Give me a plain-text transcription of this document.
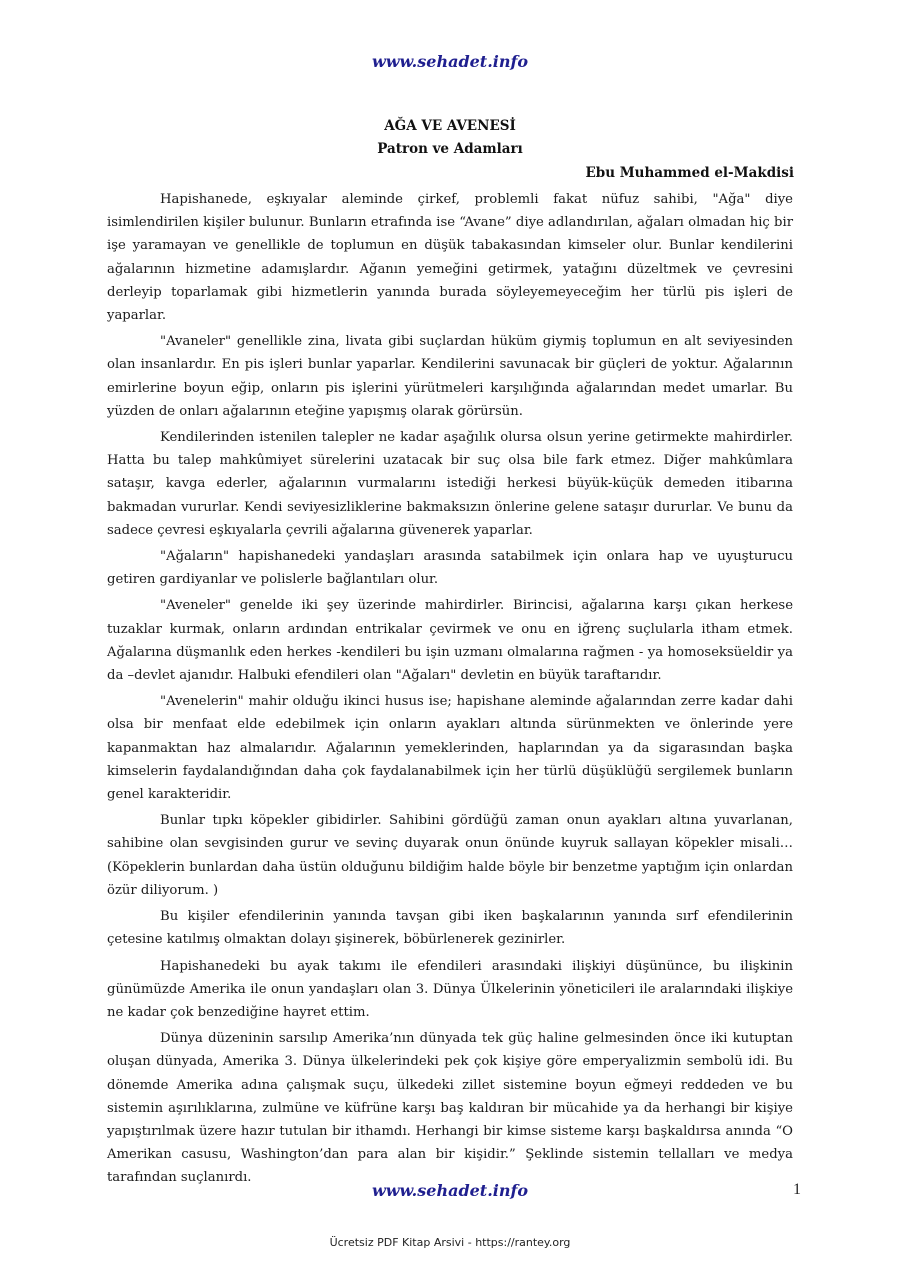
www.sehadet.info
AĞA VE AVENESİ
Patron ve Adamları
Ebu Muhammed el-Makdisi

Hapishanede, eşkıyalar aleminde çirkef, problemli fakat nüfuz sahibi, "Ağa" diye isimlendirilen kişiler bulunur. Bunların etrafında ise “Avane” diye adlandırılan, ağaları olmadan hiç bir işe yaramayan ve genellikle de toplumun en düşük tabakasından kimseler olur. Bunlar kendilerini ağalarının hizmetine adamışlardır. Ağanın yemeğini getirmek, yatağını düzeltmek ve çevresini derleyip toparlamak gibi hizmetlerin yanında burada söyleyemeyeceğim her türlü pis işleri de yaparlar.

"Avaneler" genellikle zina, livata gibi suçlardan hüküm giymiş toplumun en alt seviyesinden olan insanlardır. En pis işleri bunlar yaparlar. Kendilerini savunacak bir güçleri de yoktur. Ağalarının emirlerine boyun eğip, onların pis işlerini yürütmeleri karşılığında ağalarından medet umarlar. Bu yüzden de onları ağalarının eteğine yapışmış olarak görürsün.

Kendilerinden istenilen talepler ne kadar aşağılık olursa olsun yerine getirmekte mahirdirler. Hatta bu talep mahkûmiyet sürelerini uzatacak bir suç olsa bile fark etmez. Diğer mahkûmlara sataşır, kavga ederler, ağalarının vurmalarını istediği herkesi büyük-küçük demeden itibarına bakmadan vururlar. Kendi seviyesizliklerine bakmaksızın önlerine gelene sataşır dururlar. Ve bunu da sadece çevresi eşkıyalarla çevrili ağalarına güvenerek yaparlar.

"Ağaların" hapishanedeki yandaşları arasında satabilmek için onlara hap ve uyuşturucu getiren gardiyanlar ve polislerle bağlantıları olur.

"Aveneler" genelde iki şey üzerinde mahirdirler. Birincisi, ağalarına karşı çıkan herkese tuzaklar kurmak, onların ardından entrikalar çevirmek ve onu en iğrenç suçlularla itham etmek. Ağalarına düşmanlık eden herkes -kendileri bu işin uzmanı olmalarına rağmen - ya homoseksüeldir ya da –devlet ajanıdır. Halbuki efendileri olan "Ağaları" devletin en büyük taraftarıdır.

"Avenelerin" mahir olduğu ikinci husus ise; hapishane aleminde ağalarından zerre kadar dahi olsa bir menfaat elde edebilmek için onların ayakları altında sürünmekten ve önlerinde yere kapanmaktan haz almalarıdır. Ağalarının yemeklerinden, haplarından ya da sigarasından başka kimselerin faydalandığından daha çok faydalanabilmek için her türlü düşüklüğü sergilemek bunların genel karakteridir.

Bunlar tıpkı köpekler gibidirler. Sahibini gördüğü zaman onun ayakları altına yuvarlanan, sahibine olan sevgisinden gurur ve sevinç duyarak onun önünde kuyruk sallayan köpekler misali… (Köpeklerin bunlardan daha üstün olduğunu bildiğim halde böyle bir benzetme yaptığım için onlardan özür diliyorum. )

Bu kişiler efendilerinin yanında tavşan gibi iken başkalarının yanında sırf efendilerinin çetesine katılmış olmaktan dolayı şişinerek, böbürlenerek gezinirler.

Hapishanedeki bu ayak takımı ile efendileri arasındaki ilişkiyi düşününce, bu ilişkinin günümüzde Amerika ile onun yandaşları olan 3. Dünya Ülkelerinin yöneticileri ile aralarındaki ilişkiye ne kadar çok benzediğine hayret ettim.

Dünya düzeninin sarsılıp Amerika’nın dünyada tek güç haline gelmesinden önce iki kutuptan oluşan dünyada, Amerika 3. Dünya ülkelerindeki pek çok kişiye göre emperyalizmin sembolü idi. Bu dönemde Amerika adına çalışmak suçu, ülkedeki zillet sistemine boyun eğmeyi reddeden ve bu sistemin aşırılıklarına, zulmüne ve küfrüne karşı baş kaldıran bir mücahide ya da herhangi bir kişiye yapıştırılmak üzere hazır tutulan bir ithamdı. Herhangi bir kimse sisteme karşı başkaldırsa anında “O Amerikan casusu, Washington’dan para alan bir kişidir.” Şeklinde sistemin tellalları ve medya tarafından suçlanırdı.

www.sehadet.info	1
Ücretsiz PDF Kitap Arsivi - https://rantey.org
